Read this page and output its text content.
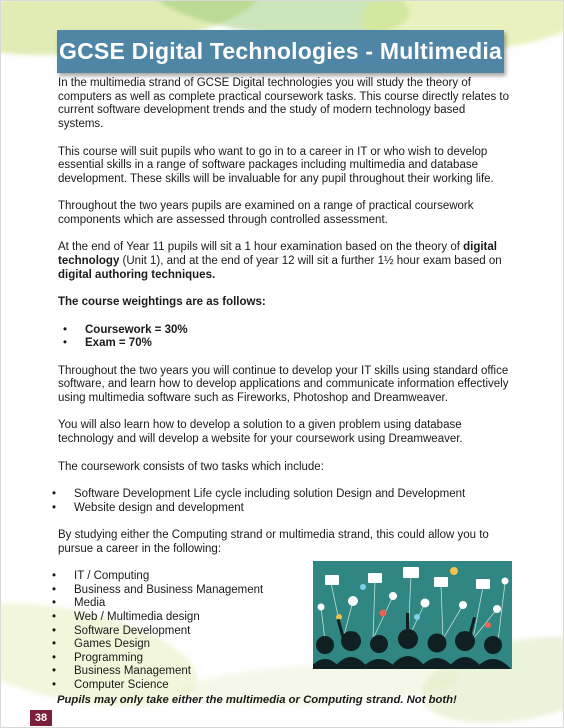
GCSE Digital Technologies - Multimedia

In the multimedia strand of GCSE Digital technologies you will study the theory of computers as well as complete practical coursework tasks. This course directly relates to current software development trends and the study of modern technology based systems.

This course will suit pupils who want to go in to a career in IT or who wish to develop essential skills in a range of software packages including multimedia and database development. These skills will be invaluable for any pupil throughout their working life.

Throughout the two years pupils are examined on a range of practical coursework components which are assessed through controlled assessment.

At the end of Year 11 pupils will sit a 1 hour examination based on the theory of digital technology (Unit 1), and at the end of year 12 will sit a further 1½ hour exam based on digital authoring techniques.

The course weightings are as follows:

• Coursework = 30%
• Exam = 70%

Throughout the two years you will continue to develop your IT skills using standard office software, and learn how to develop applications and communicate information effectively using multimedia software such as Fireworks, Photoshop and Dreamweaver.

You will also learn how to develop a solution to a given problem using database technology and will develop a website for your coursework using Dreamweaver.

The coursework consists of two tasks which include:

• Software Development Life cycle including solution Design and Development
• Website design and development

By studying either the Computing strand or multimedia strand, this could allow you to pursue a career in the following:

• IT / Computing
• Business and Business Management
• Media
• Web / Multimedia design
• Software Development
• Games Design
• Programming
• Business Management
• Computer Science
Pupils may only take either the multimedia or Computing strand. Not both!
38
